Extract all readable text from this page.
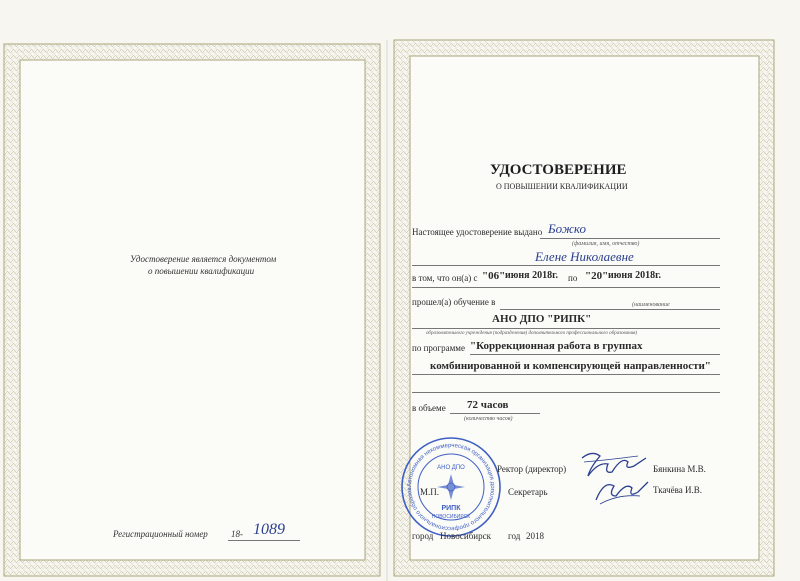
Удостоверение является документом
о повышении квалификации
Регистрационный номер	18- 1089
УДОСТОВЕРЕНИЕ
О ПОВЫШЕНИИ КВАЛИФИКАЦИИ
Настоящее удостоверение выдано Божко
(фамилия, имя, отчество)
Елене Николаевне
в том, что он(а) с "06" июня 2018г. по "20" июня 2018г.
прошел(а) обучение в	(наименование
АНО ДПО "РИПК"
образовательного учреждения (подразделения) дополнительного профессионального образования)
по программе "Коррекционная работа в группах
комбинированной и компенсирующей направленности"
в объеме 72 часов
(количество часов)
Автономная некоммерческая организация дополнительного профессионального образов
АНО ДПО
РИПК
НОВОСИБИРСК
Ректор (директор)	Бянкина М.В.
М.П.	Секретарь	Ткачёва И.В.
город Новосибирск год 2018
